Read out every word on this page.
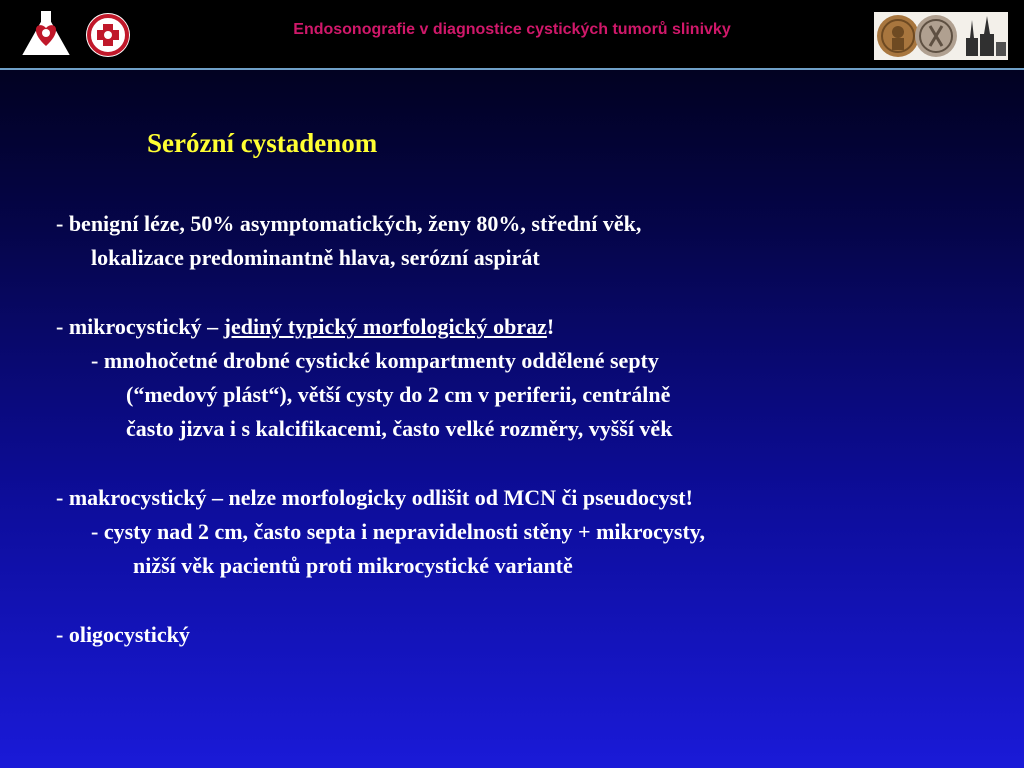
Endosonografie v diagnostice cystických tumorů slinivky
Serózní cystadenom
- benigní léze, 50% asymptomatických, ženy 80%, střední věk,
lokalizace predominantně hlava, serózní aspirát
- mikrocystický – jediný typický morfologický obraz!
- mnohočetné drobné cystické kompartmenty oddělené septy
(“medový plást“), větší cysty do 2 cm v periferii, centrálně
často jizva i s kalcifikacemi, často velké rozměry, vyšší věk
- makrocystický – nelze morfologicky odlišit od MCN či pseudocyst!
- cysty nad 2 cm, často septa i nepravidelnosti stěny + mikrocysty,
nižší věk pacientů proti mikrocystické variantě
- oligocystický
